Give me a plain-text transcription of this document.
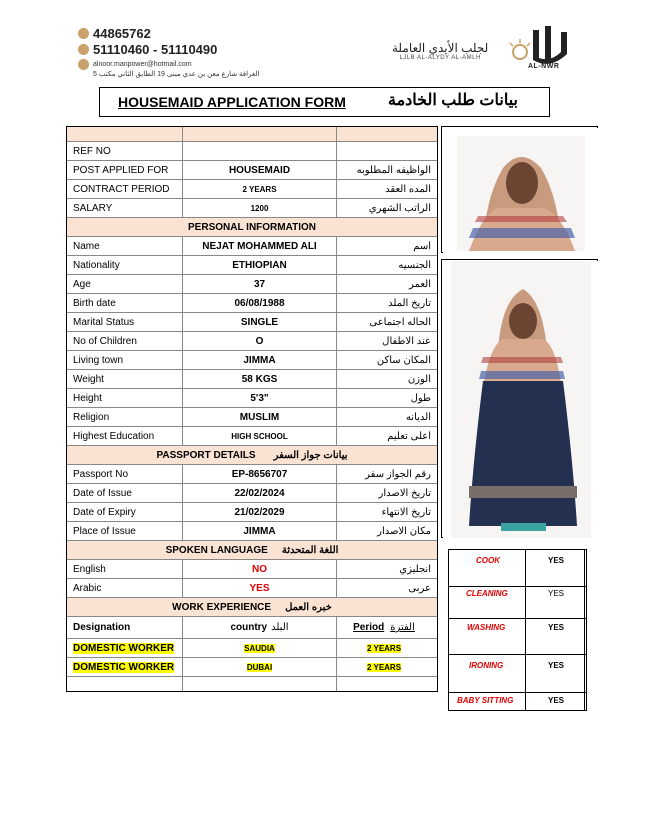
44865762
51110460 - 51110490
alnoor.manpower@hotmail.com
الغرافة شارع معن بن عدي مبنى 19 الطابق الثاني مكتب 5
لجلب الأيدي العاملة
LJLB AL-ALYDY AL-AMLH
AL-NWR
HOUSEMAID APPLICATION FORM	بيانات طلب الخادمة
REF NO
POST APPLIED FOR	HOUSEMAID	الواظيفه المطلوبه
CONTRACT PERIOD	2 YEARS	المده العقد
SALARY	1200	الراتب الشهري
PERSONAL INFORMATION
Name	NEJAT MOHAMMED ALI	اسم
Nationality	ETHIOPIAN	الجنسيه
Age	37	العمر
Birth date	06/08/1988	تاريخ الملد
Marital Status	SINGLE	الحاله اجتماعى
No of Children	O	عند الاطفال
Living town	JIMMA	المكان ساكن
Weight	58 KGS	الوزن
Height	5'3"	طول
Religion	MUSLIM	الديانه
Highest Education	HIGH SCHOOL	اعلى تعليم
PASSPORT DETAILS بيانات جواز السفر
Passport No	EP-8656707	رقم الجواز سفر
Date of Issue	22/02/2024	تاريخ الاصدار
Date of Expiry	21/02/2029	تاريخ الانتهاء
Place of Issue	JIMMA	مكان الاصدار
SPOKEN LANGUAGE اللغة المتحدثة
English	NO	انجليزي
Arabic	YES	عربى
WORK EXPERIENCE خبره العمل
Designation	country البلد	Period الفترة
DOMESTIC WORKER	SAUDIA	2 YEARS
DOMESTIC WORKER	DUBAI	2 YEARS
COOK	YES
CLEANING	YES
WASHING	YES
IRONING	YES
BABY SITTING	YES
